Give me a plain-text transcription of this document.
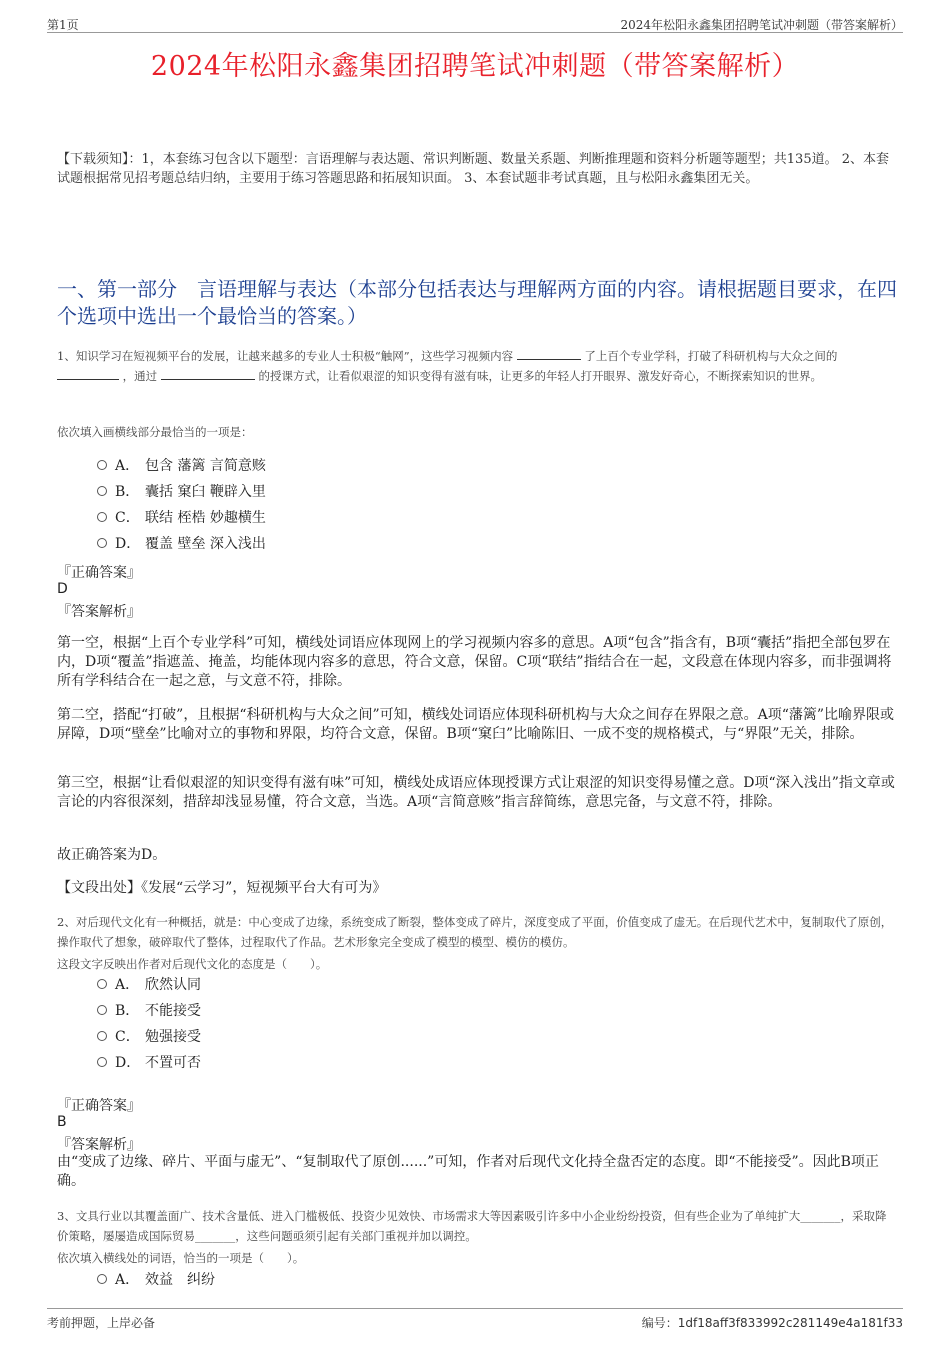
第1页	2024年松阳永鑫集团招聘笔试冲刺题（带答案解析）
2024年松阳永鑫集团招聘笔试冲刺题（带答案解析）
【下载须知】：1，本套练习包含以下题型：言语理解与表达题、常识判断题、数量关系题、判断推理题和资料分析题等题型；共135道。 2、本套试题根据常见招考题总结归纳，主要用于练习答题思路和拓展知识面。 3、本套试题非考试真题，且与松阳永鑫集团无关。
一、第一部分　言语理解与表达（本部分包括表达与理解两方面的内容。请根据题目要求，在四个选项中选出一个最恰当的答案。）
1、知识学习在短视频平台的发展，让越来越多的专业人士积极“触网”，这些学习视频内容	了上百个专业学科，打破了科研机构与大众之间的  ，通过	的授课方式，让看似艰涩的知识变得有滋有味，让更多的年轻人打开眼界、激发好奇心，不断探索知识的世界。
依次填入画横线部分最恰当的一项是：
A． 包含 藩篱 言简意赅
B． 囊括 窠臼 鞭辟入里
C． 联结 桎梏 妙趣横生
D． 覆盖 壁垒 深入浅出
『正确答案』
D
『答案解析』
第一空，根据“上百个专业学科”可知，横线处词语应体现网上的学习视频内容多的意思。A项“包含”指含有，B项“囊括”指把全部包罗在内，D项“覆盖”指遮盖、掩盖，均能体现内容多的意思，符合文意，保留。C项“联结”指结合在一起，文段意在体现内容多，而非强调将所有学科结合在一起之意，与文意不符，排除。
第二空，搭配“打破”，且根据“科研机构与大众之间”可知，横线处词语应体现科研机构与大众之间存在界限之意。A项“藩篱”比喻界限或屏障，D项“壁垒”比喻对立的事物和界限，均符合文意，保留。B项“窠臼”比喻陈旧、一成不变的规格模式，与“界限”无关，排除。
第三空，根据“让看似艰涩的知识变得有滋有味”可知，横线处成语应体现授课方式让艰涩的知识变得易懂之意。D项“深入浅出”指文章或言论的内容很深刻，措辞却浅显易懂，符合文意，当选。A项“言简意赅”指言辞简练，意思完备，与文意不符，排除。
故正确答案为D。
【文段出处】《发展“云学习”，短视频平台大有可为》
2、对后现代文化有一种概括，就是：中心变成了边缘，系统变成了断裂，整体变成了碎片，深度变成了平面，价值变成了虚无。在后现代艺术中，复制取代了原创，操作取代了想象，破碎取代了整体，过程取代了作品。艺术形象完全变成了模型的模型、模仿的模仿。
这段文字反映出作者对后现代文化的态度是（　　）。
A． 欣然认同
B． 不能接受
C． 勉强接受
D． 不置可否
『正确答案』
B
『答案解析』
由“变成了边缘、碎片、平面与虚无”、“复制取代了原创......”可知，作者对后现代文化持全盘否定的态度。即“不能接受”。因此B项正确。
3、文具行业以其覆盖面广、技术含量低、进入门槛极低、投资少见效快、市场需求大等因素吸引许多中小企业纷纷投资，但有些企业为了单纯扩大_______，采取降价策略，屡屡造成国际贸易_______，这些问题亟须引起有关部门重视并加以调控。
依次填入横线处的词语，恰当的一项是（　　）。
A． 效益　纠纷
考前押题，上岸必备	编号：1df18aff3f833992c281149e4a181f33
